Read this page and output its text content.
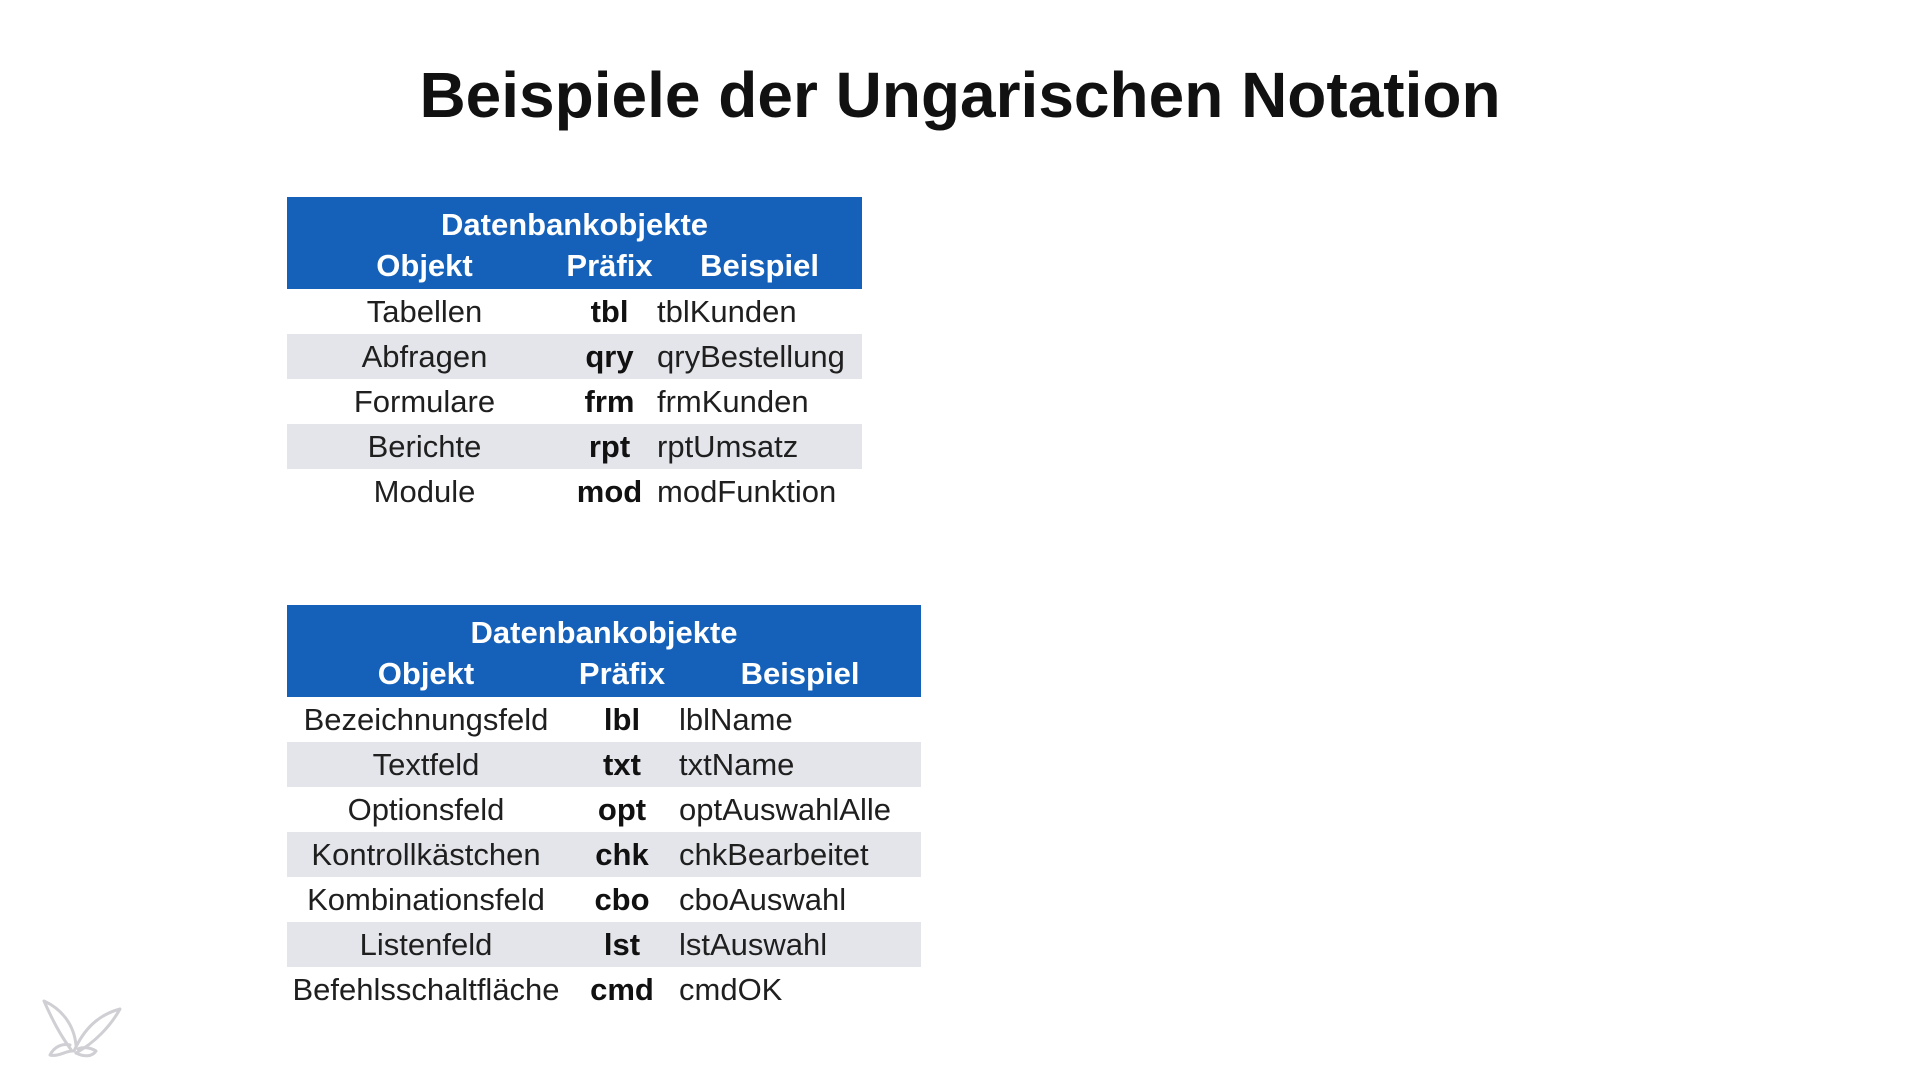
Beispiele der Ungarischen Notation
Datenbankobjekte		
Objekt	Präfix	Beispiel
Tabellen	tbl	tblKunden
Abfragen	qry	qryBestellung
Formulare	frm	frmKunden
Berichte	rpt	rptUmsatz
Module	mod	modFunktion
Datenbankobjekte		
Objekt	Präfix	Beispiel
Bezeichnungsfeld	lbl	lblName
Textfeld	txt	txtName
Optionsfeld	opt	optAuswahlAlle
Kontrollkästchen	chk	chkBearbeitet
Kombinationsfeld	cbo	cboAuswahl
Listenfeld	lst	lstAuswahl
Befehlsschaltfläche	cmd	cmdOK
